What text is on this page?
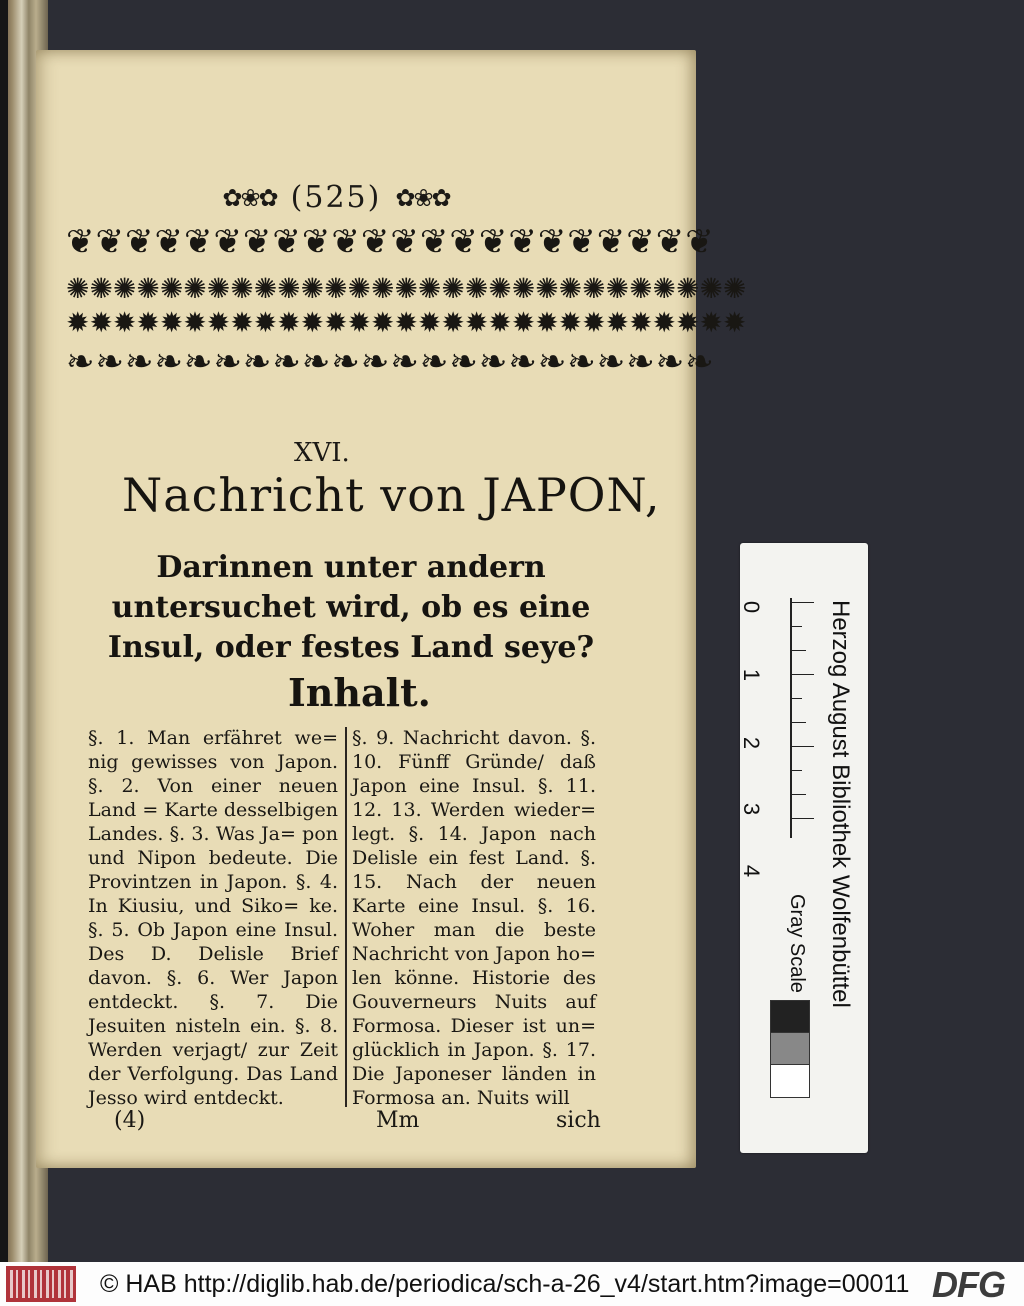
✿❀✿ (525) ✿❀✿
❦❦❦❦❦❦❦❦❦❦❦❦❦❦❦❦❦❦❦❦❦❦
✺✺✺✺✺✺✺✺✺✺✺✺✺✺✺✺✺✺✺✺✺✺✺✺✺✺✺✺✺
✹✹✹✹✹✹✹✹✹✹✹✹✹✹✹✹✹✹✹✹✹✹✹✹✹✹✹✹✹
❧❧❧❧❧❧❧❧❧❧❧❧❧❧❧❧❧❧❧❧❧❧
XVI.
Nachricht von JAPON,
Darinnen unter andern untersuchet wird, ob es eine Insul, oder festes Land seye?
Inhalt.
§. 1. Man erfähret we= nig gewisses von Japon. §. 2. Von einer neuen Land = Karte desselbigen Landes. §. 3. Was Ja= pon und Nipon bedeute. Die Provintzen in Japon. §. 4. In Kiusiu, und Siko= ke. §. 5. Ob Japon eine Insul. Des D. Delisle Brief davon. §. 6. Wer Japon entdeckt. §. 7. Die Jesuiten nisteln ein. §. 8. Werden verjagt/ zur Zeit der Verfolgung. Das Land Jesso wird entdeckt.
§. 9. Nachricht davon. §. 10. Fünff Gründe/ daß Japon eine Insul. §. 11. 12. 13. Werden wieder= legt. §. 14. Japon nach Delisle ein fest Land. §. 15. Nach der neuen Karte eine Insul. §. 16. Woher man die beste Nachricht von Japon ho= len könne. Historie des Gouverneurs Nuits auf Formosa. Dieser ist un= glücklich in Japon. §. 17. Die Japoneser länden in Formosa an. Nuits will
(4)	Mm	sich
Herzog August Bibliothek Wolfenbüttel
0
1
2
3
4
Gray Scale
© HAB http://diglib.hab.de/periodica/sch-a-26_v4/start.htm?image=00011 DFG
